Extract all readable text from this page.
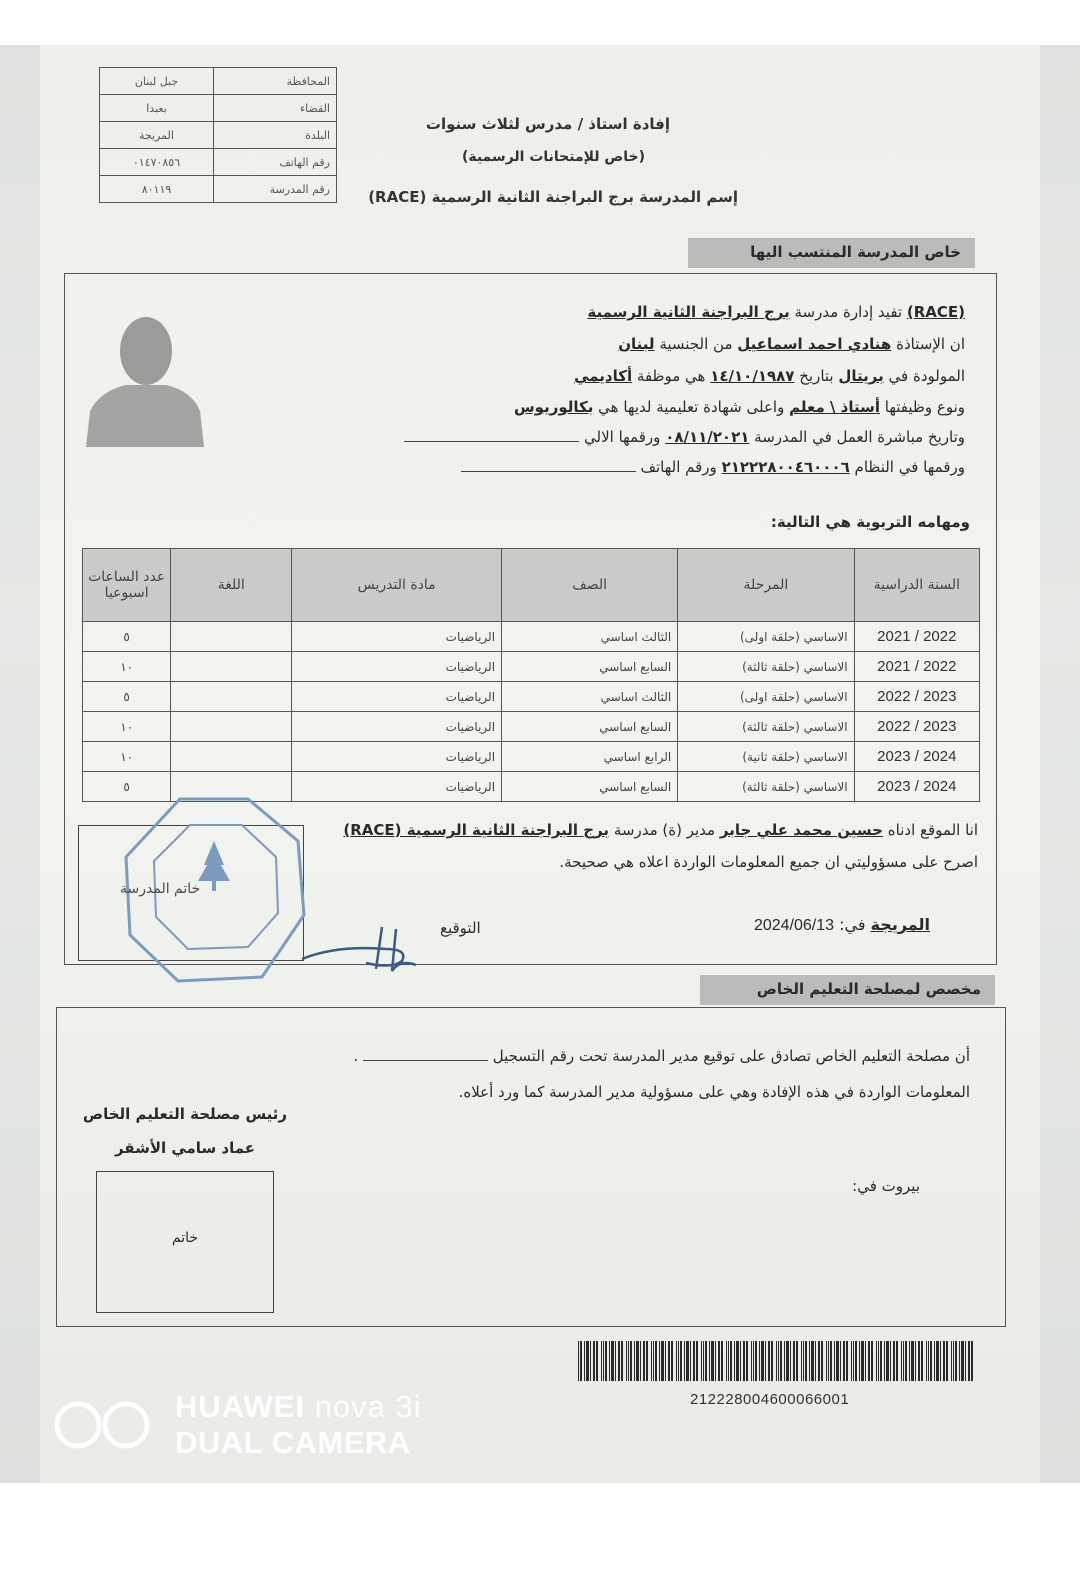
المحافظة	جبل لبنان
القضاء	بعبدا
البلدة	المريجة
رقم الهاتف	٠١٤٧٠٨٥٦
رقم المدرسة	٨٠١١٩
إفادة استاذ / مدرس لثلاث سنوات
(خاص للإمتحانات الرسمية)
(RACE) إسم المدرسة برج البراجنة الثانية الرسمية
خاص المدرسة المنتسب اليها
(RACE) تفيد إدارة مدرسة برج البراجنة الثانية الرسمية
ان الإستاذة هنادي احمد اسماعيل من الجنسية لبنان
المولودة في بريتال بتاريخ ١٤/١٠/١٩٨٧ هي موظفة أكاديمي
ونوع وظيفتها أستاذ \ معلم واعلى شهادة تعليمية لديها هي بكالوريوس
وتاريخ مباشرة العمل في المدرسة ٠٨/١١/٢٠٢١ ورقمها الالي
ورقمها في النظام ٢١٢٢٢٨٠٠٤٦٠٠٠٦ ورقم الهاتف
ومهامه التربوية هي التالية:
السنة الدراسية	المرحلة	الصف	مادة التدريس	اللغة	عدد الساعات اسبوعيا
2022 / 2021	الاساسي (حلقة اولى)	الثالث اساسي	الرياضيات		٥
2022 / 2021	الاساسي (حلقة ثالثة)	السابع اساسي	الرياضيات		١٠
2023 / 2022	الاساسي (حلقة اولى)	الثالث اساسي	الرياضيات		٥
2023 / 2022	الاساسي (حلقة ثالثة)	السابع اساسي	الرياضيات		١٠
2024 / 2023	الاساسي (حلقة ثانية)	الرابع اساسي	الرياضيات		١٠
2024 / 2023	الاساسي (حلقة ثالثة)	السابع اساسي	الرياضيات		٥
خاتم المدرسة
انا الموقع ادناه حسين محمد علي جابر مدير (ة) مدرسة برج البراجنة الثانية الرسمية (RACE)
اصرح على مسؤوليتي ان جميع المعلومات الواردة اعلاه هي صحيحة.
المريجة في: 2024/06/13
التوقيع
مخصص لمصلحة التعليم الخاص
أن مصلحة التعليم الخاص تصادق على توقيع مدير المدرسة تحت رقم التسجيل  .
المعلومات الواردة في هذه الإفادة وهي على مسؤولية مدير المدرسة كما ورد أعلاه.
رئيس مصلحة التعليم الخاص
عماد سامي الأشقر
خاتم
بيروت في:
212228004600066001
HUAWEI nova 3i
DUAL CAMERA
